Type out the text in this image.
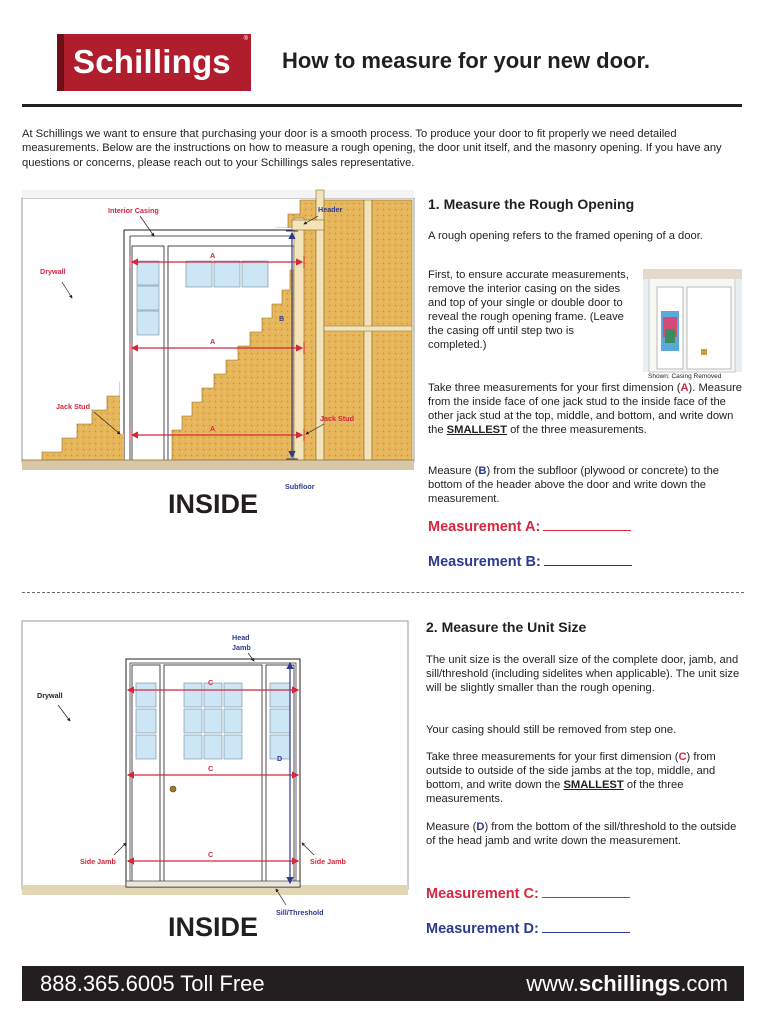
Schillings
®
How to measure for your new door.

At Schillings we want to ensure that purchasing your door is a smooth process. To produce your door to fit properly we need detailed measurements. Below are the instructions on how to measure a rough opening, the door unit itself, and the masonry opening. If you have any questions or concerns, please reach out to your Schillings sales representative.

A
A
A
B
Interior Casing	Header
Drywall
Jack Stud
Jack Stud
Subfloor
INSIDE
1. Measure the Rough Opening

A rough opening refers to the framed opening of a door.

First, to ensure accurate measurements, remove the interior casing on the sides and top of your single or double door to reveal the rough opening frame. (Leave the casing off until step two is completed.)

Shown: Casing Removed

Take three measurements for your first dimension (A). Measure from the inside face of one jack stud to the inside face of the other jack stud at the top, middle, and bottom, and write down the SMALLEST of the three measurements.

Measure (B) from the subfloor (plywood or concrete) to the bottom of the header above the door and write down the measurement.

Measurement A:
Measurement B:
C
C
C
D
Head
Jamb
Drywall
Side Jamb	Side Jamb
Sill/Threshold
INSIDE
2. Measure the Unit Size

The unit size is the overall size of the complete door, jamb, and sill/threshold (including sidelites when applicable). The unit size will be slightly smaller than the rough opening.

Your casing should still be removed from step one.

Take three measurements for your first dimension (C) from outside to outside of the side jambs at the top, middle, and bottom, and write down the SMALLEST of the three measurements.

Measure (D) from the bottom of the sill/threshold to the outside of the head jamb and write down the measurement.

Measurement C:
Measurement D:
888.365.6005 Toll Free	www.schillings.com
